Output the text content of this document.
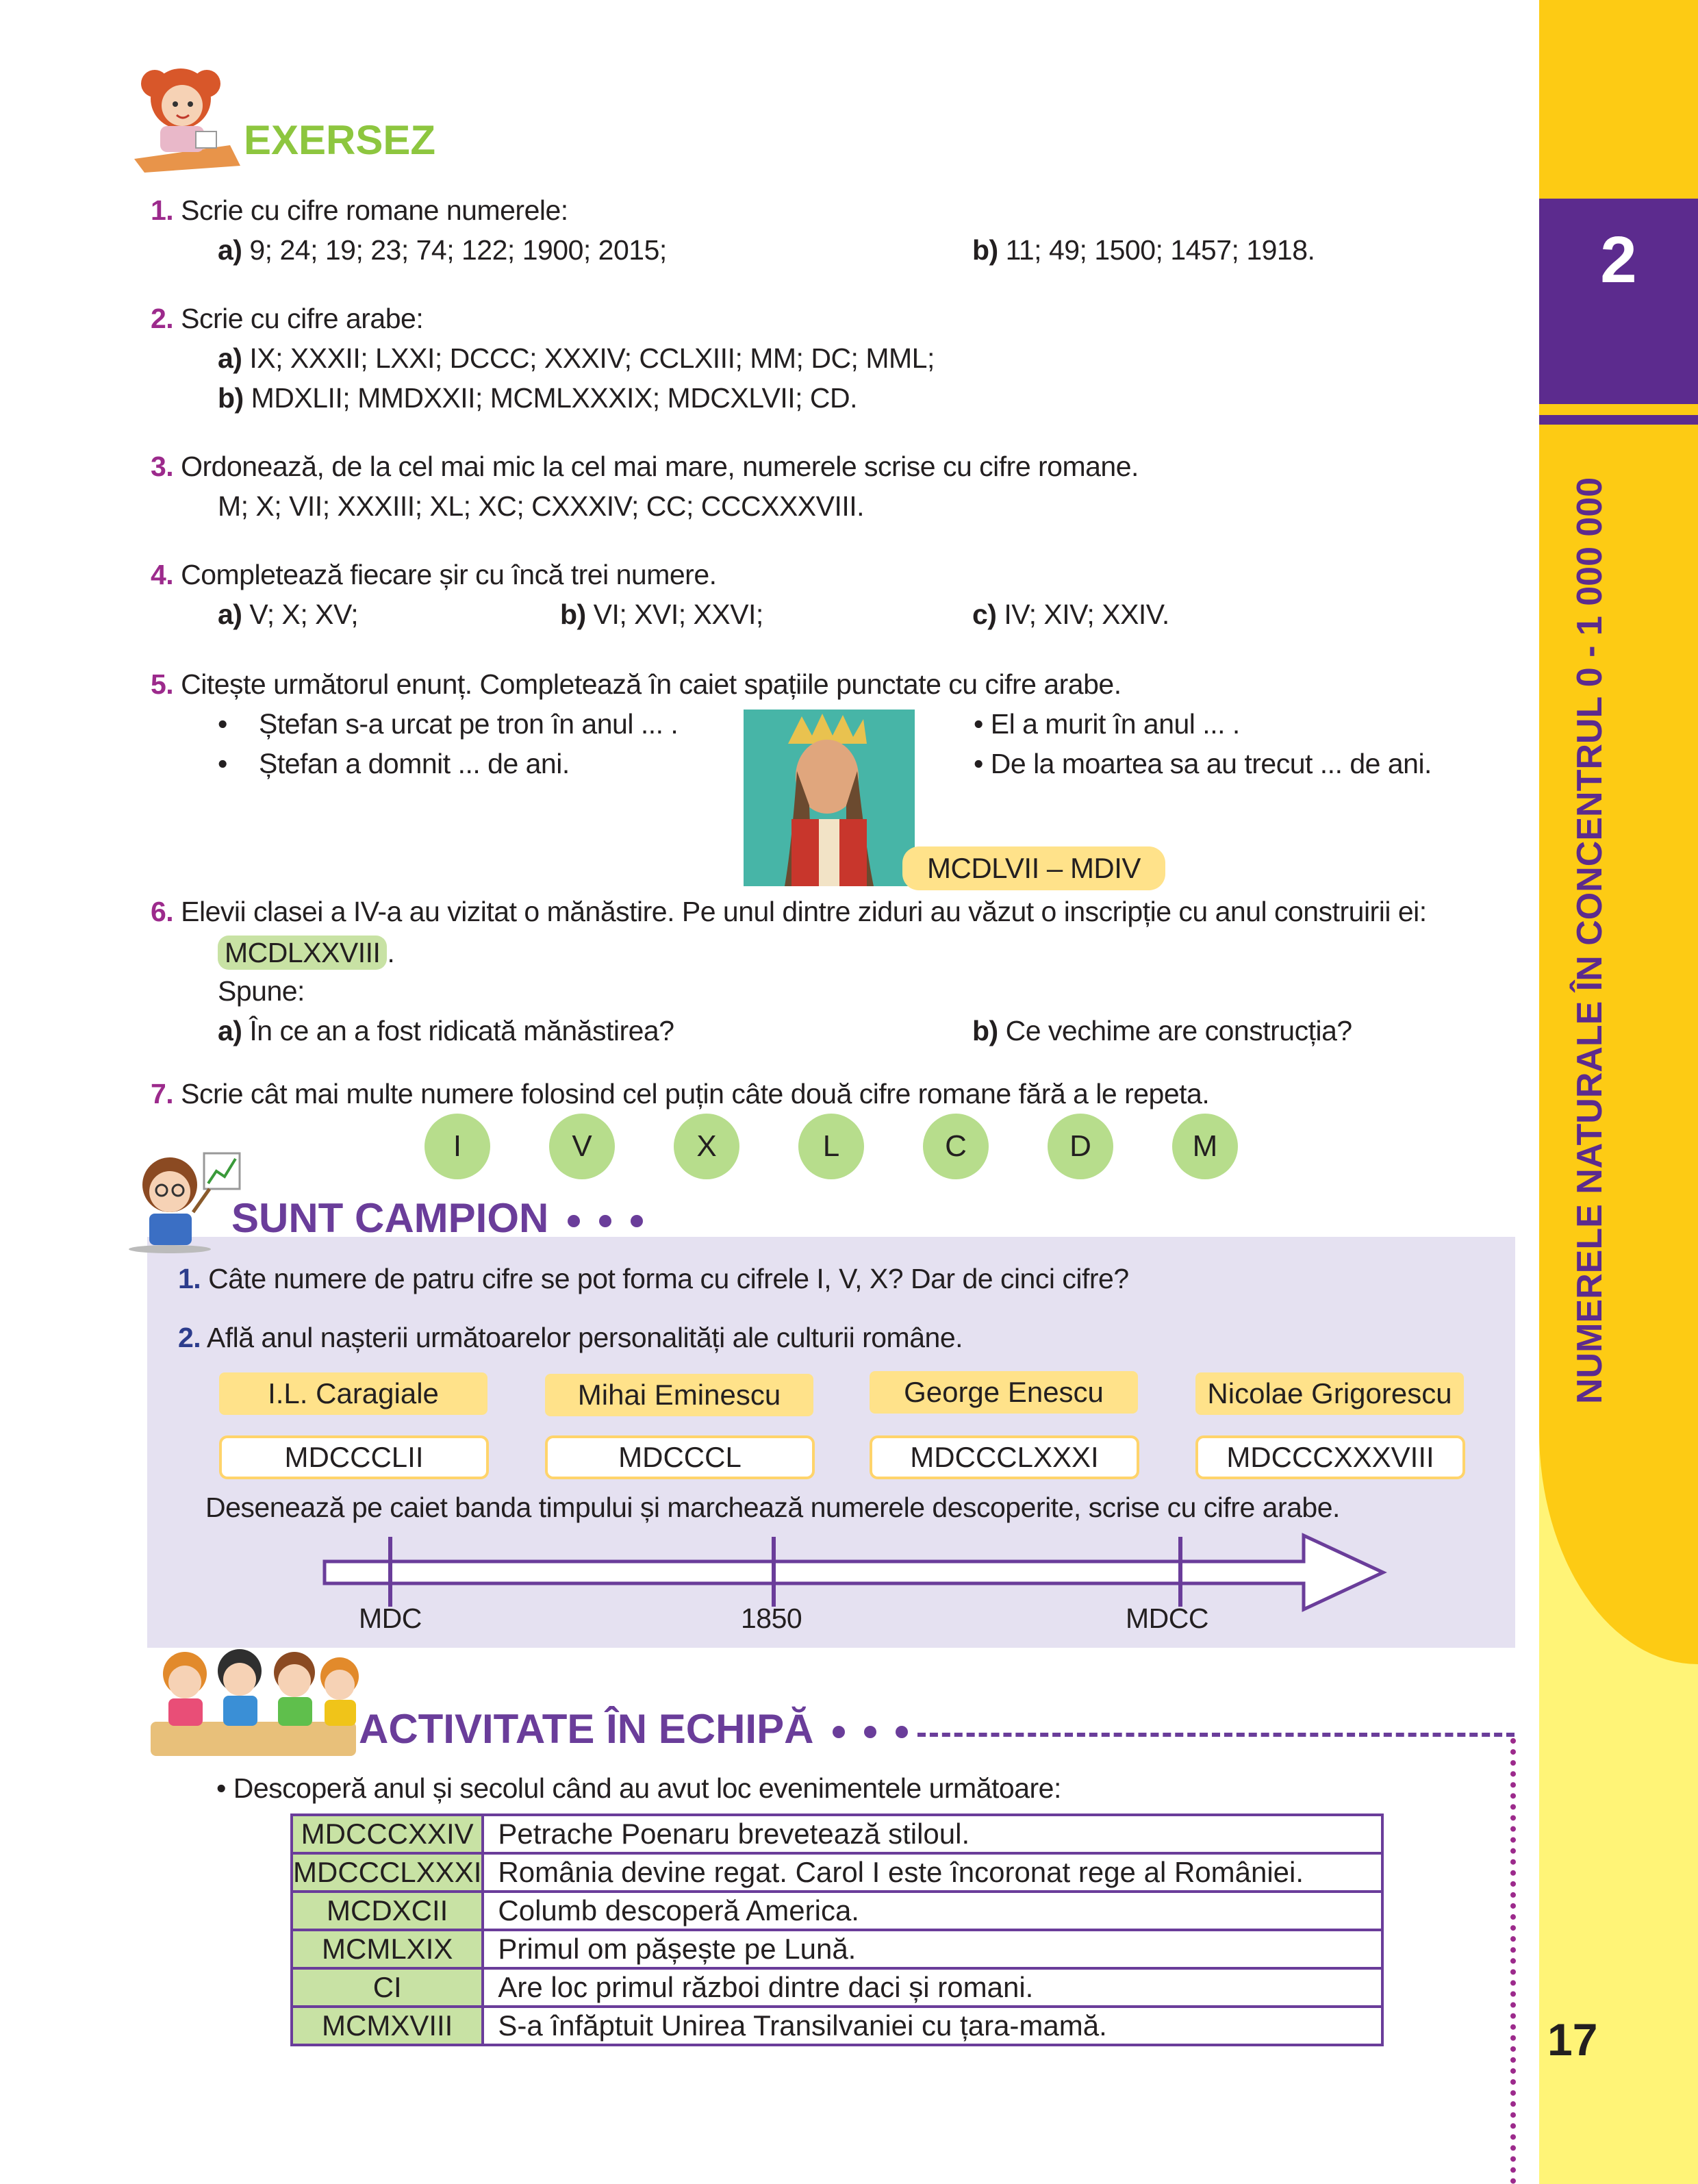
2
NUMERELE NATURALE ÎN CONCENTRUL 0 - 1 000 000
17
EXERSEZ
1. Scrie cu cifre romane numerele:
a) 9; 24; 19; 23; 74; 122; 1900; 2015;	b) 11; 49; 1500; 1457; 1918.
2. Scrie cu cifre arabe:
a) IX; XXXII; LXXI; DCCC; XXXIV; CCLXIII; MM; DC; MML;
b) MDXLII; MMDXXII; MCMLXXXIX; MDCXLVII; CD.
3. Ordonează, de la cel mai mic la cel mai mare, numerele scrise cu cifre romane.
M; X; VII; XXXIII; XL; XC; CXXXIV; CC; CCCXXXVIII.
4. Completează fiecare șir cu încă trei numere.
a) V; X; XV;	b) VI; XVI; XXVI;	c) IV; XIV; XXIV.
5. Citește următorul enunț. Completează în caiet spațiile punctate cu cifre arabe.
• Ștefan s-a urcat pe tron în anul ... .
• Ștefan a domnit ... de ani.
• El a murit în anul ... .
• De la moartea sa au trecut ... de ani.
MCDLVII – MDIV
6. Elevii clasei a IV-a au vizitat o mănăstire. Pe unul dintre ziduri au văzut o inscripție cu anul construirii ei:
MCDLXXVIII .
Spune:
a) În ce an a fost ridicată mănăstirea?	b) Ce vechime are construcția?
7. Scrie cât mai multe numere folosind cel puțin câte două cifre romane fără a le repeta.
I	V	X	L	C	D	M
SUNT CAMPION
1. Câte numere de patru cifre se pot forma cu cifrele I, V, X? Dar de cinci cifre?
2. Află anul nașterii următoarelor personalități ale culturii române.
I.L. Caragiale	Mihai Eminescu	George Enescu	Nicolae Grigorescu
MDCCCLII	MDCCCL	MDCCCLXXXI	MDCCCXXXVIII
Desenează pe caiet banda timpului și marchează numerele descoperite, scrise cu cifre arabe.
MDC	1850	MDCC
ACTIVITATE ÎN ECHIPĂ
• Descoperă anul și secolul când au avut loc evenimentele următoare:
MDCCCXXIV	Petrache Poenaru brevetează stiloul.
MDCCCLXXXI	România devine regat. Carol I este încoronat rege al României.
MCDXCII	Columb descoperă America.
MCMLXIX	Primul om pășește pe Lună.
CI	Are loc primul război dintre daci și romani.
MCMXVIII	S-a înfăptuit Unirea Transilvaniei cu țara-mamă.
